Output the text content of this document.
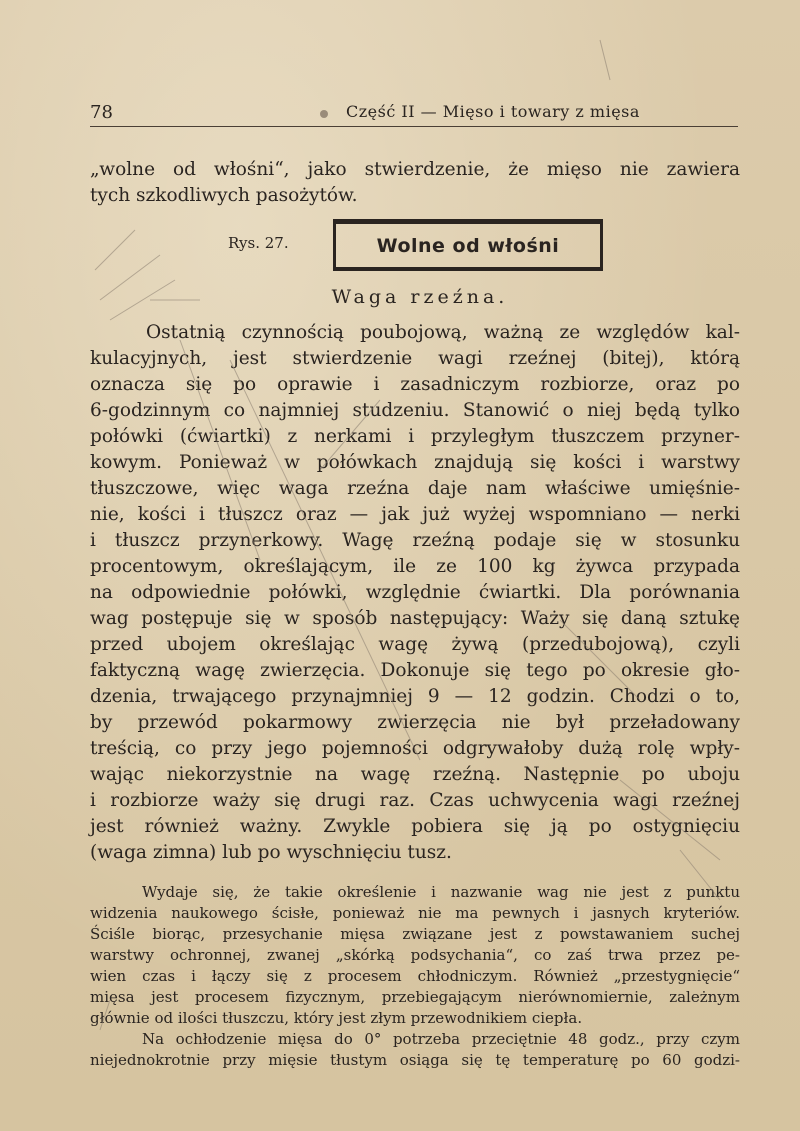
78	Część II — Mięso i towary z mięsa
„wolne od włośni“, jako stwierdzenie, że mięso nie zawiera
tych szkodliwych pasożytów.
Rys. 27.	Wolne od włośni
Waga rzeźna.
Ostatnią czynnością poubojową, ważną ze względów kal-
kulacyjnych, jest stwierdzenie wagi rzeźnej (bitej), którą
oznacza się po oprawie i zasadniczym rozbiorze, oraz po
6-godzinnym co najmniej studzeniu. Stanowić o niej będą tylko
połówki (ćwiartki) z nerkami i przyległym tłuszczem przyner-
kowym. Ponieważ w połówkach znajdują się kości i warstwy
tłuszczowe, więc waga rzeźna daje nam właściwe umięśnie-
nie, kości i tłuszcz oraz — jak już wyżej wspomniano — nerki
i tłuszcz przynerkowy. Wagę rzeźną podaje się w stosunku
procentowym, określającym, ile ze 100 kg żywca przypada
na odpowiednie połówki, względnie ćwiartki. Dla porównania
wag postępuje się w sposób następujący: Waży się daną sztukę
przed ubojem określając wagę żywą (przedubojową), czyli
faktyczną wagę zwierzęcia. Dokonuje się tego po okresie gło-
dzenia, trwającego przynajmniej 9 — 12 godzin. Chodzi o to,
by przewód pokarmowy zwierzęcia nie był przeładowany
treścią, co przy jego pojemności odgrywałoby dużą rolę wpły-
wając niekorzystnie na wagę rzeźną. Następnie po uboju
i rozbiorze waży się drugi raz. Czas uchwycenia wagi rzeźnej
jest również ważny. Zwykle pobiera się ją po ostygnięciu
(waga zimna) lub po wyschnięciu tusz.
Wydaje się, że takie określenie i nazwanie wag nie jest z punktu
widzenia naukowego ścisłe, ponieważ nie ma pewnych i jasnych kryteriów.
Ściśle biorąc, przesychanie mięsa związane jest z powstawaniem suchej
warstwy ochronnej, zwanej „skórką podsychania“, co zaś trwa przez pe-
wien czas i łączy się z procesem chłodniczym. Również „przestygnięcie“
mięsa jest procesem fizycznym, przebiegającym nierównomiernie, zależnym
głównie od ilości tłuszczu, który jest złym przewodnikiem ciepła.
Na ochłodzenie mięsa do 0° potrzeba przeciętnie 48 godz., przy czym
niejednokrotnie przy mięsie tłustym osiąga się tę temperaturę po 60 godzi-
